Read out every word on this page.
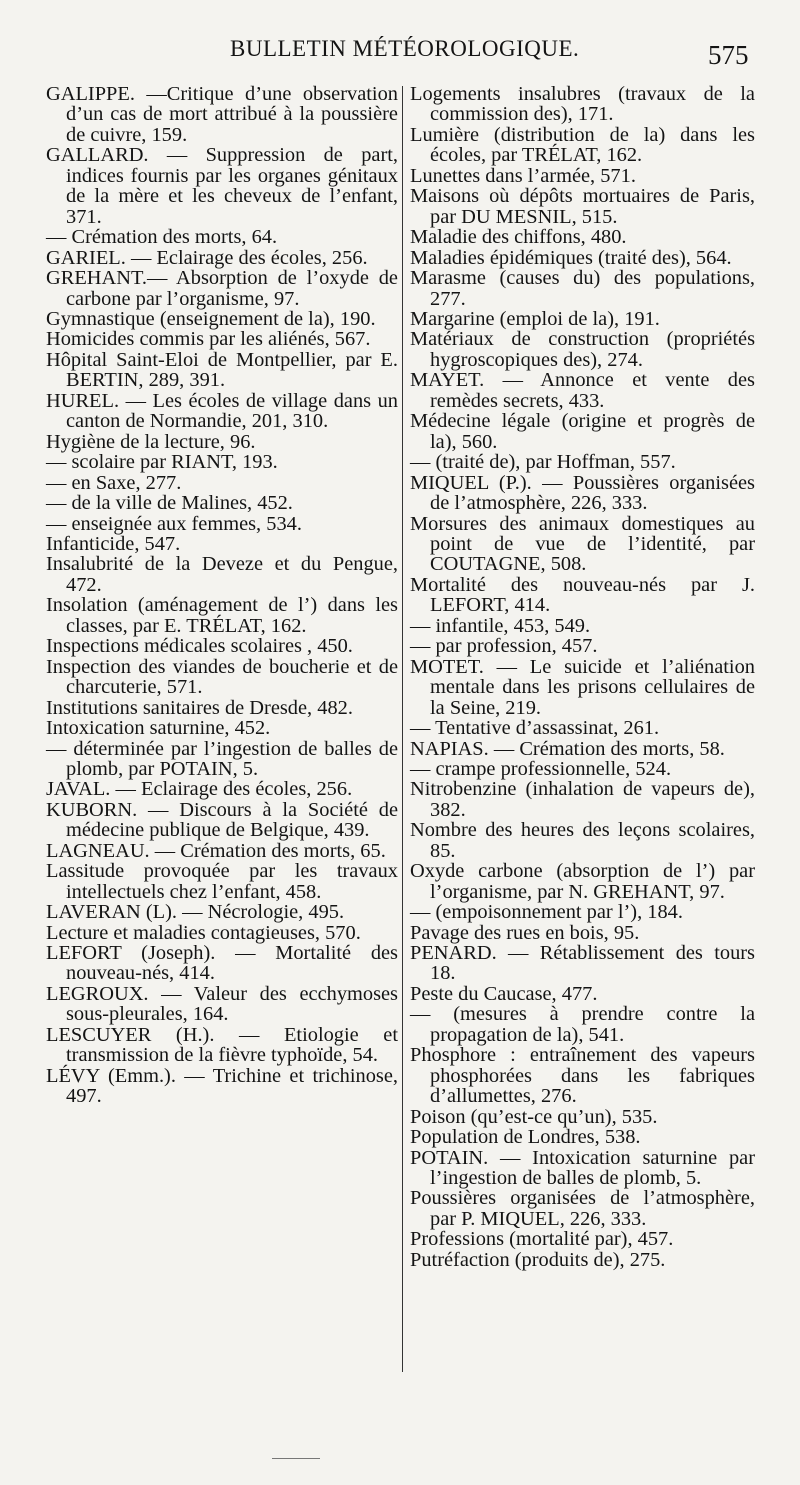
BULLETIN MÉTÉOROLOGIQUE.	575

GALIPPE. —Critique d’une observation d’un cas de mort attribué à la poussière de cuivre, 159.

GALLARD. — Suppression de part, indices fournis par les organes génitaux de la mère et les cheveux de l’enfant, 371.

— Crémation des morts, 64.

GARIEL. — Eclairage des écoles, 256.

GREHANT.— Absorption de l’oxyde de carbone par l’organisme, 97.

Gymnastique (enseignement de la), 190.

Homicides commis par les aliénés, 567.

Hôpital Saint-Eloi de Montpellier, par E. BERTIN, 289, 391.

HUREL. — Les écoles de village dans un canton de Normandie, 201, 310.

Hygiène de la lecture, 96.

— scolaire par RIANT, 193.

— en Saxe, 277.

— de la ville de Malines, 452.

— enseignée aux femmes, 534.

Infanticide, 547.

Insalubrité de la Deveze et du Pengue, 472.

Insolation (aménagement de l’) dans les classes, par E. TRÉLAT, 162.

Inspections médicales scolaires , 450.

Inspection des viandes de boucherie et de charcuterie, 571.

Institutions sanitaires de Dresde, 482.

Intoxication saturnine, 452.

— déterminée par l’ingestion de balles de plomb, par POTAIN, 5.

JAVAL. — Eclairage des écoles, 256.

KUBORN. — Discours à la Société de médecine publique de Belgique, 439.

LAGNEAU. — Crémation des morts, 65.

Lassitude provoquée par les travaux intellectuels chez l’enfant, 458.

LAVERAN (L). — Nécrologie, 495.

Lecture et maladies contagieuses, 570.

LEFORT (Joseph). — Mortalité des nouveau-nés, 414.

LEGROUX. — Valeur des ecchymoses sous-pleurales, 164.

LESCUYER (H.). — Etiologie et transmission de la fièvre typhoïde, 54.

LÉVY (Emm.). — Trichine et trichinose, 497.

Logements insalubres (travaux de la commission des), 171.

Lumière (distribution de la) dans les écoles, par TRÉLAT, 162.

Lunettes dans l’armée, 571.

Maisons où dépôts mortuaires de Paris, par DU MESNIL, 515.

Maladie des chiffons, 480.

Maladies épidémiques (traité des), 564.

Marasme (causes du) des populations, 277.

Margarine (emploi de la), 191.

Matériaux de construction (propriétés hygroscopiques des), 274.

MAYET. — Annonce et vente des remèdes secrets, 433.

Médecine légale (origine et progrès de la), 560.

— (traité de), par Hoffman, 557.

MIQUEL (P.). — Poussières organisées de l’atmosphère, 226, 333.

Morsures des animaux domestiques au point de vue de l’identité, par COUTAGNE, 508.

Mortalité des nouveau-nés par J. LEFORT, 414.

— infantile, 453, 549.

— par profession, 457.

MOTET. — Le suicide et l’aliénation mentale dans les prisons cellulaires de la Seine, 219.

— Tentative d’assassinat, 261.

NAPIAS. — Crémation des morts, 58.

— crampe professionnelle, 524.

Nitrobenzine (inhalation de vapeurs de), 382.

Nombre des heures des leçons scolaires, 85.

Oxyde carbone (absorption de l’) par l’organisme, par N. GREHANT, 97.

— (empoisonnement par l’), 184.

Pavage des rues en bois, 95.

PENARD. — Rétablissement des tours 18.

Peste du Caucase, 477.

— (mesures à prendre contre la propagation de la), 541.

Phosphore : entraînement des vapeurs phosphorées dans les fabriques d’allumettes, 276.

Poison (qu’est-ce qu’un), 535.

Population de Londres, 538.

POTAIN. — Intoxication saturnine par l’ingestion de balles de plomb, 5.

Poussières organisées de l’atmosphère, par P. MIQUEL, 226, 333.

Professions (mortalité par), 457.

Putréfaction (produits de), 275.
